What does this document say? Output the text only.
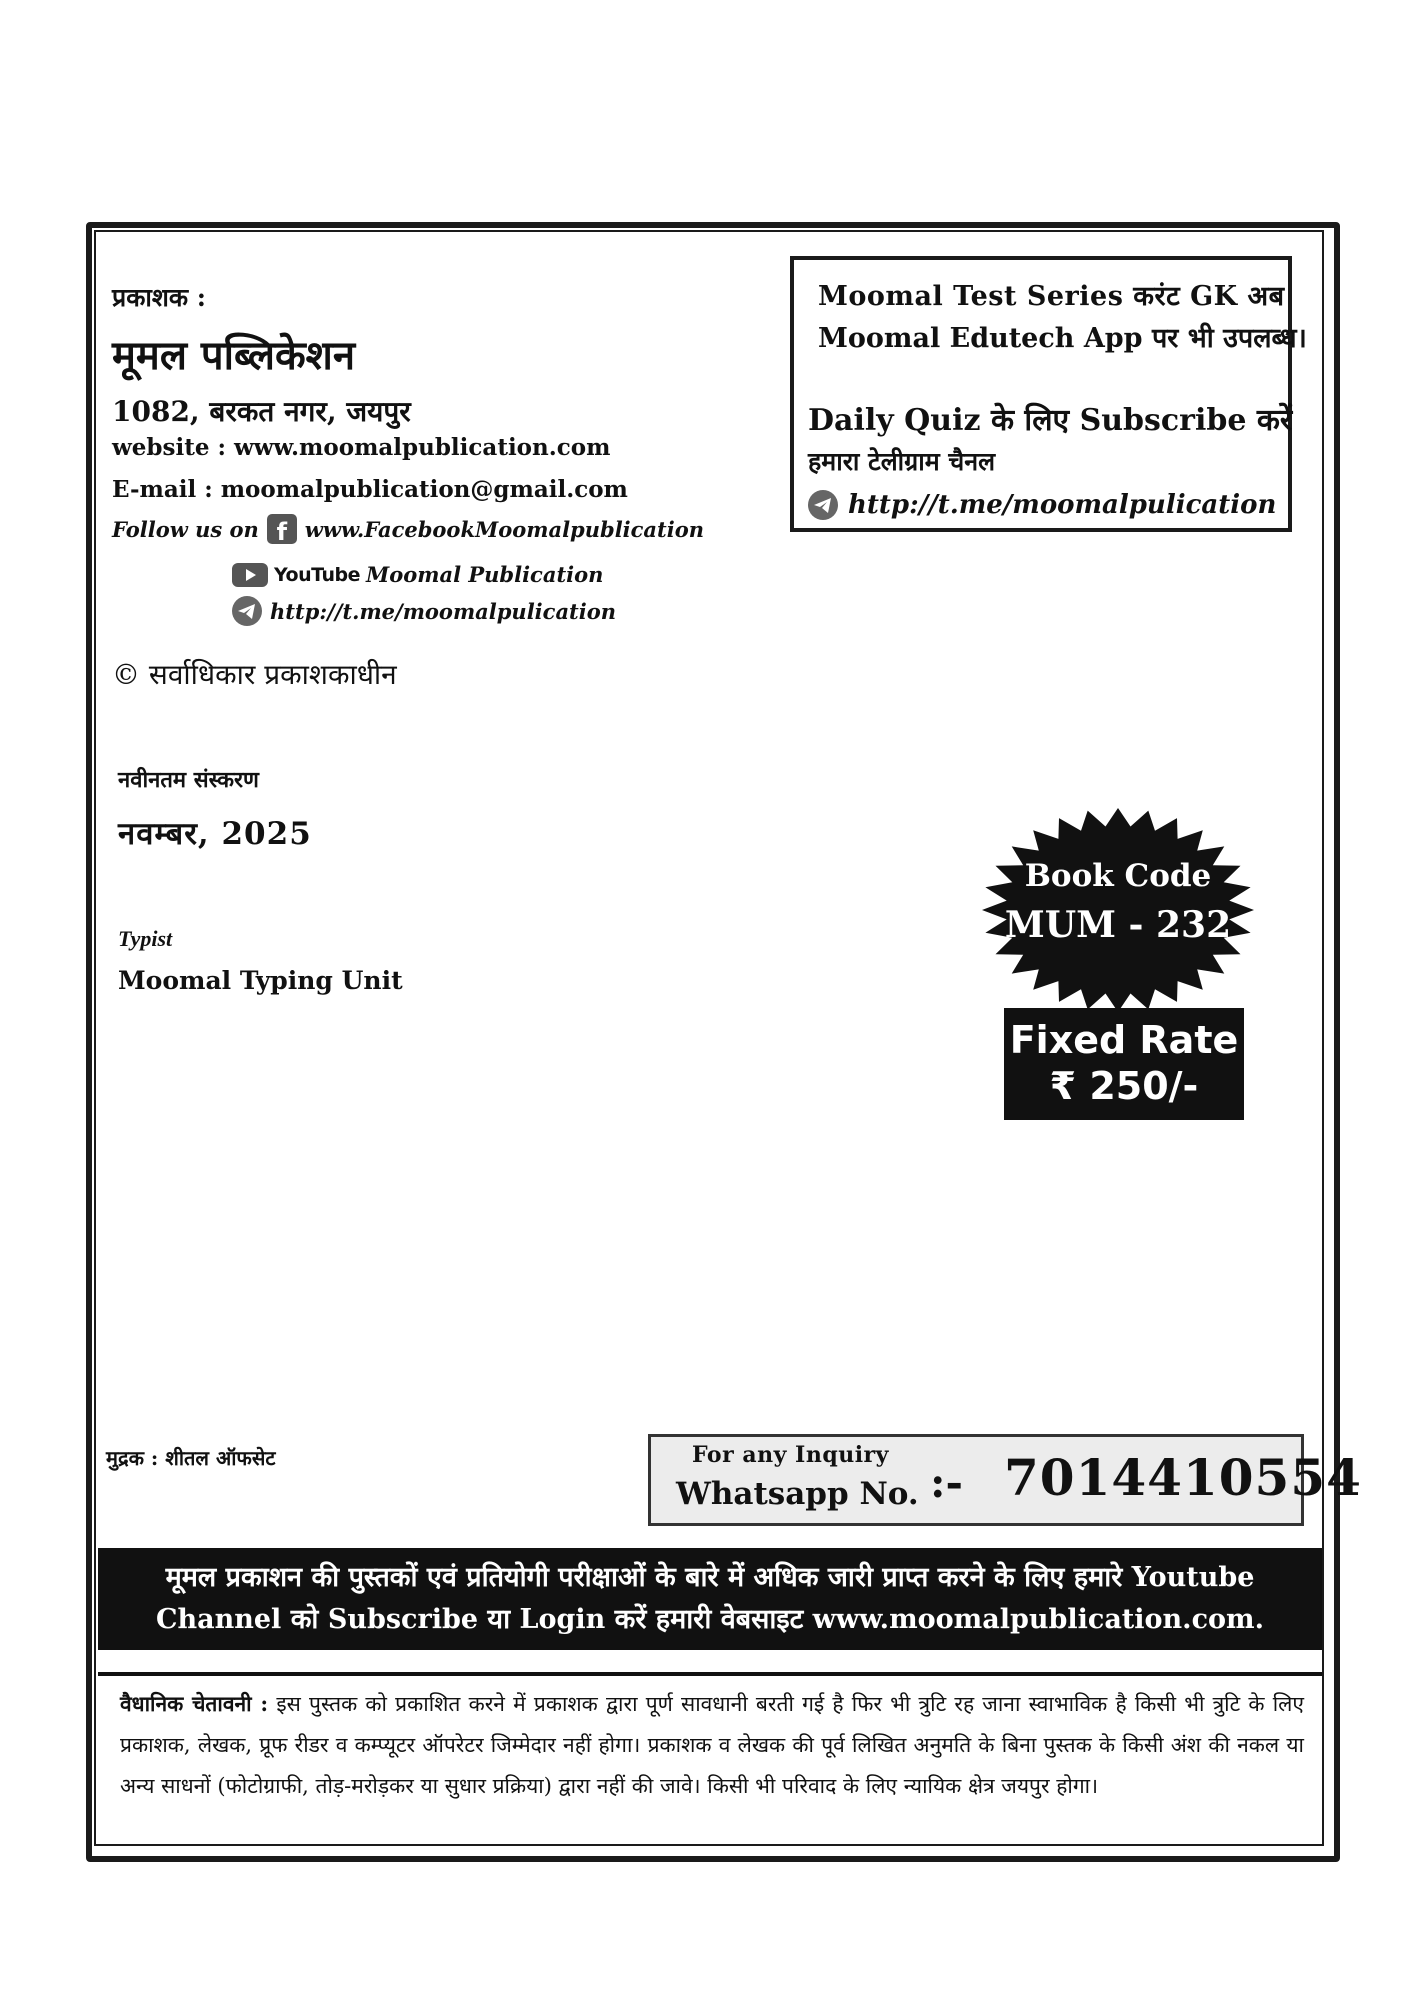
प्रकाशक :
मूमल पब्लिकेशन
1082, बरकत नगर, जयपुर
website : www.moomalpublication.com
E-mail : moomalpublication@gmail.com
Follow us on f www.FacebookMoomalpublication
YouTube Moomal Publication
http://t.me/moomalpulication
© सर्वाधिकार प्रकाशकाधीन
नवीनतम संस्करण
नवम्बर, 2025
Typist
Moomal Typing Unit
Moomal Test Series करंट GK अब
Moomal Edutech App पर भी उपलब्ध।
Daily Quiz के लिए Subscribe करें
हमारा टेलीग्राम चैनल
http://t.me/moomalpulication
Book Code
MUM - 232
Fixed Rate
₹ 250/-
मुद्रक : शीतल ऑफसेट	For any Inquiry
Whatsapp No. :- 7014410554
मूमल प्रकाशन की पुस्तकों एवं प्रतियोगी परीक्षाओं के बारे में अधिक जारी प्राप्त करने के लिए हमारे Youtube
Channel को Subscribe या Login करें हमारी वेबसाइट www.moomalpublication.com.
वैधानिक चेतावनी : इस पुस्तक को प्रकाशित करने में प्रकाशक द्वारा पूर्ण सावधानी बरती गई है फिर भी त्रुटि रह जाना स्वाभाविक है किसी भी त्रुटि के लिए प्रकाशक, लेखक, प्रूफ रीडर व कम्प्यूटर ऑपरेटर जिम्मेदार नहीं होगा। प्रकाशक व लेखक की पूर्व लिखित अनुमति के बिना पुस्तक के किसी अंश की नकल या अन्य साधनों (फोटोग्राफी, तोड़-मरोड़कर या सुधार प्रक्रिया) द्वारा नहीं की जावे। किसी भी परिवाद के लिए न्यायिक क्षेत्र जयपुर होगा।
